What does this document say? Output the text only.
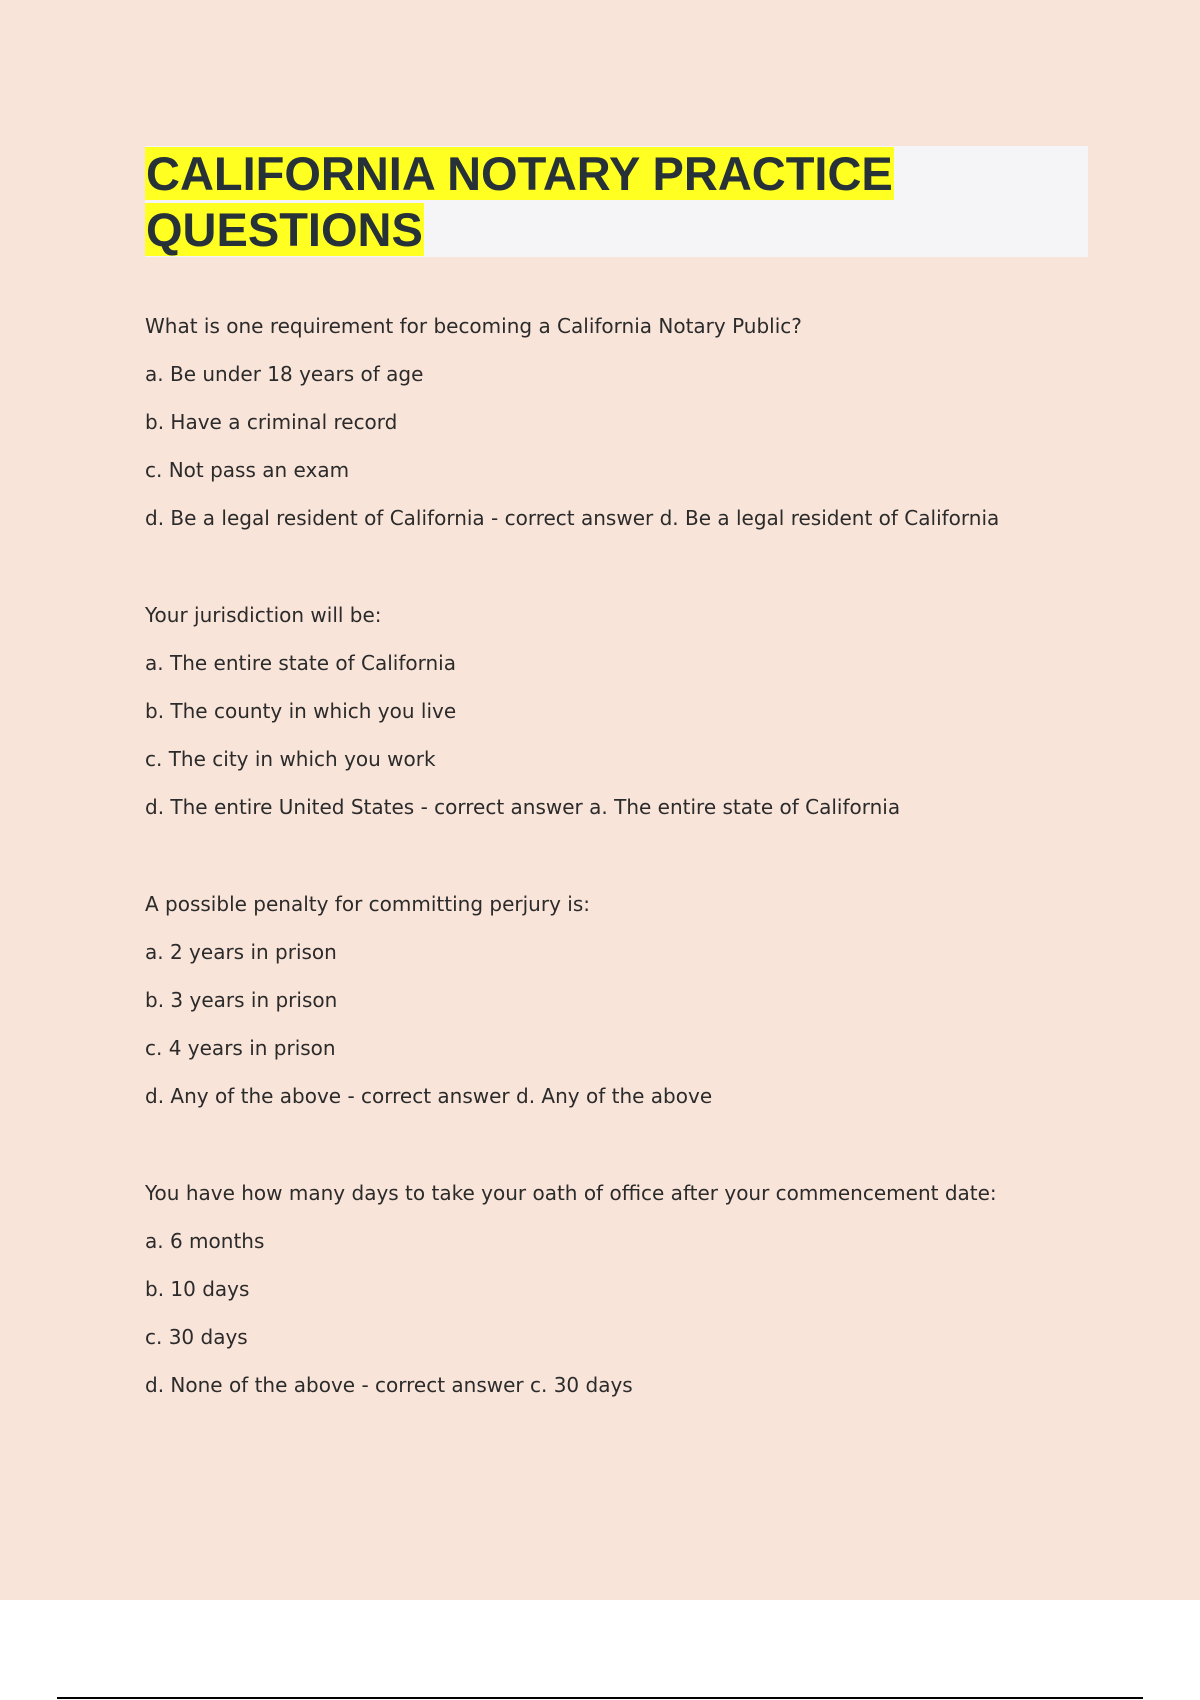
CALIFORNIA NOTARY PRACTICE
QUESTIONS
What is one requirement for becoming a California Notary Public?
a. Be under 18 years of age
b. Have a criminal record
c. Not pass an exam
d. Be a legal resident of California - correct answer d. Be a legal resident of California
Your jurisdiction will be:
a. The entire state of California
b. The county in which you live
c. The city in which you work
d. The entire United States - correct answer a. The entire state of California
A possible penalty for committing perjury is:
a. 2 years in prison
b. 3 years in prison
c. 4 years in prison
d. Any of the above - correct answer d. Any of the above
You have how many days to take your oath of office after your commencement date:
a. 6 months
b. 10 days
c. 30 days
d. None of the above - correct answer c. 30 days
